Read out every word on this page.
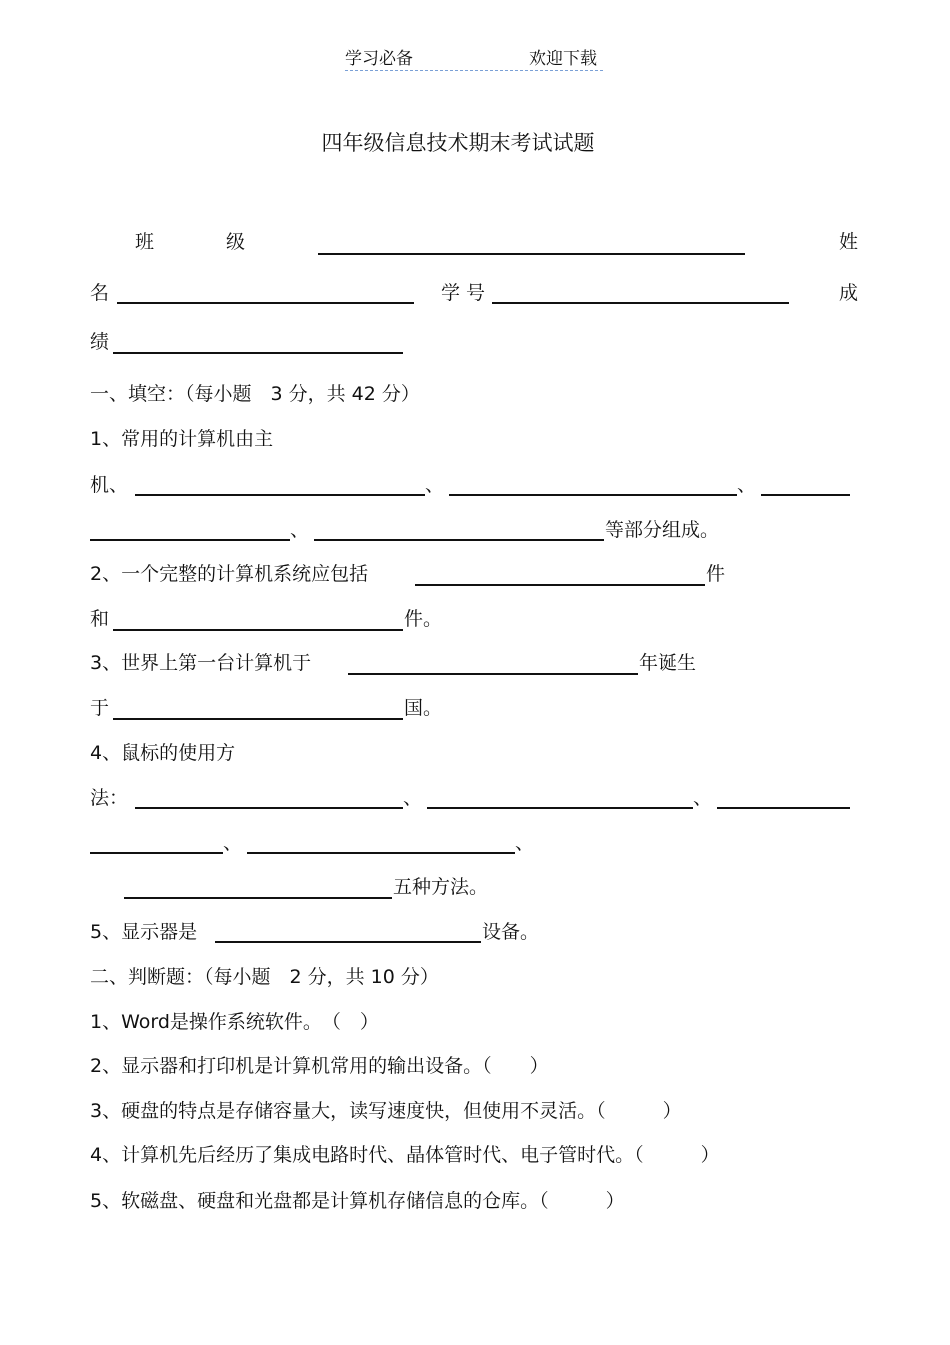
学习必备	欢迎下载
四年级信息技术期末考试试题
班	级	姓
名	学 号	成
绩
一、填空：（每小题　3 分，共 42 分）
1、常用的计算机由主
机、	、	、
、	等部分组成。
2、一个完整的计算机系统应包括	件
和	件。
3、世界上第一台计算机于	年诞生
于	国。
4、鼠标的使用方
法：	、	、
、	、
五种方法。
5、显示器是	设备。
二、判断题：（每小题　2 分，共 10 分）
1、Word是操作系统软件。　（　）
2、显示器和打印机是计算机常用的输出设备。（　　）
3、硬盘的特点是存储容量大，读写速度快，但使用不灵活。（　　　）
4、计算机先后经历了集成电路时代、晶体管时代、电子管时代。（　　　）
5、软磁盘、硬盘和光盘都是计算机存储信息的仓库。（　　　）
